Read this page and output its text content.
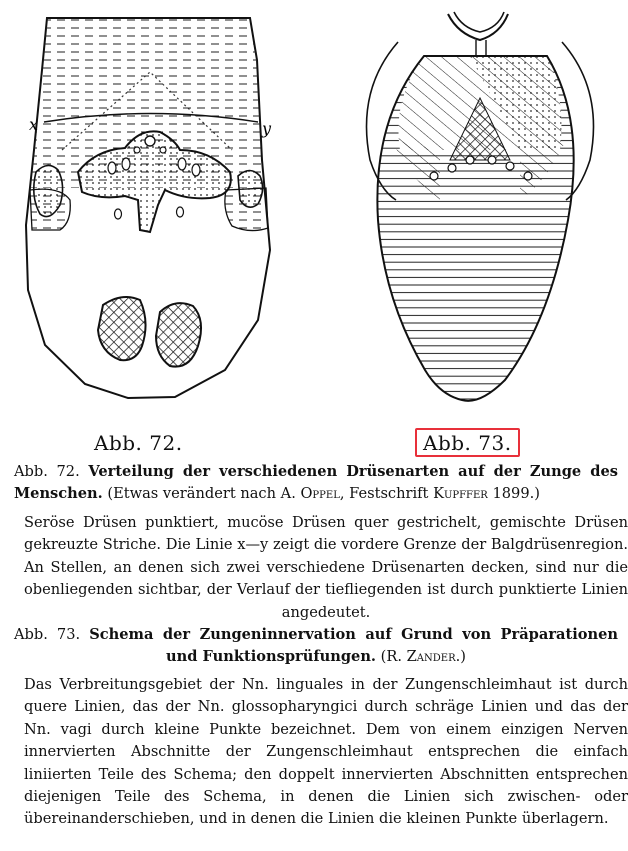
x	y
Abb. 72.	Abb. 73.
Abb. 72. Verteilung der verschiedenen Drüsenarten auf der Zunge des Menschen. (Etwas verändert nach A. Oppel, Festschrift Kupffer 1899.)
Seröse Drüsen punktiert, mucöse Drüsen quer gestrichelt, gemischte Drüsen gekreuzte Striche. Die Linie x—y zeigt die vordere Grenze der Balgdrüsenregion. An Stellen, an denen sich zwei verschiedene Drüsenarten decken, sind nur die obenliegenden sichtbar, der Verlauf der tiefliegenden ist durch punktierte Linien angedeutet.
Abb. 73. Schema der Zungeninnervation auf Grund von Präparationen und Funktionsprüfungen. (R. Zander.)
Das Verbreitungsgebiet der Nn. linguales in der Zungenschleimhaut ist durch quere Linien, das der Nn. glossopharyngici durch schräge Linien und das der Nn. vagi durch kleine Punkte bezeichnet. Dem von einem einzigen Nerven innervierten Abschnitte der Zungenschleimhaut entsprechen die einfach liniierten Teile des Schema; den doppelt innervierten Abschnitten entsprechen diejenigen Teile des Schema, in denen die Linien sich zwischen- oder übereinanderschieben, und in denen die Linien die kleinen Punkte überlagern.
